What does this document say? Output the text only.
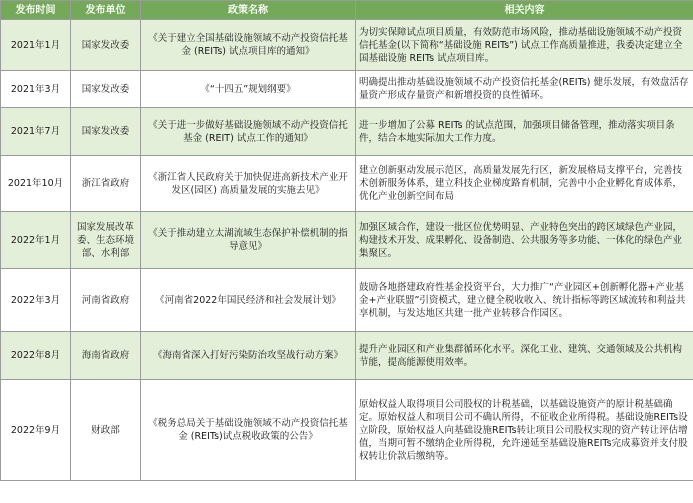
发布时间	发布单位	政策名称	相关内容
2021年1月	国家发改委	《关于建立全国基础设施领域不动产投资信托基金 (REITs) 试点项目库的通知》	为切实保障试点项目质量，有效防范市场风险，推动基础设施领域不动产投资信托基金(以下简称“基础设施 REITs”) 试点工作高质量推进，我委决定建立全国基础设施 REITs 试点项目库。
2021年3月	国家发改委	《“十四五”规划纲要》	明确提出推动基础设施领域不动产投资信托基金(REITs) 健乐发展，有效盘活存量资产形成存量资产和新增投资的良性循环。
2021年7月	国家发改委	《关于进一步做好基础设施领域不动产投资信托基金 (REIT) 试点工作的通知》	进一步增加了公募 REITs 的试点范围，加强项目储备管理，推动落实项目条件，结合本地实际加大工作力度。
2021年10月	浙江省政府	《浙江省人民政府关于加快促进高新技术产业开发区(园区) 高质量发展的实施去见》	建立创新驱动发展示范区，高质量发展先行区，新发展格局支撑平台，完善技术创新服务体系，建立科技企业梯度路育机制，完善中小企业孵化育成体系，优化产业创新空间布局
2022年1月	国家发展改革委、生态环境部、水利部	《关于推动建立太湖流域生态保护补偿机制的指导意见》	加强区域合作，建设一批区位优势明显、产业特色突出的跨区域绿色产业园，构建技术开发、成果孵化、设备制造、公共服务等多功能、一体化的绿色产业集聚区。
2022年3月	河南省政府	《河南省2022年国民经济和社会发展计划》	鼓励各地搭建政府性基金投资平台，大力推广“产业园区+创新孵化器+产业基金+产业联盟”引资模式，建立健全税收收入、统计指标等跨区域流转和利益共享机制，与发达地区共建一批产业转移合作园区。
2022年8月	海南省政府	《海南省深入打好污染防治攻坚战行动方案》	提升产业园区和产业集群循环化水平。深化工业、建筑、交通领域及公共机构节能，提高能源使用效率。
2022年9月	财政部	《税务总局关于基础设施领域不动产投资信托基金 (REITs)试点税收政策的公告》	原始权益人取得项目公司股权的计税基础，以基础设施资产的原计税基础确定。原始权益人和项目公司不确认所得，不征收企业所得税。基础设施REITs设立阶段，原始权益人向基础设施REITs转让项目公司股权实现的资产转让评估增值，当期可暂不缴纳企业所得税，允许递延至基础设施REITs完成募资并支付股权转让价款后缴纳等。
